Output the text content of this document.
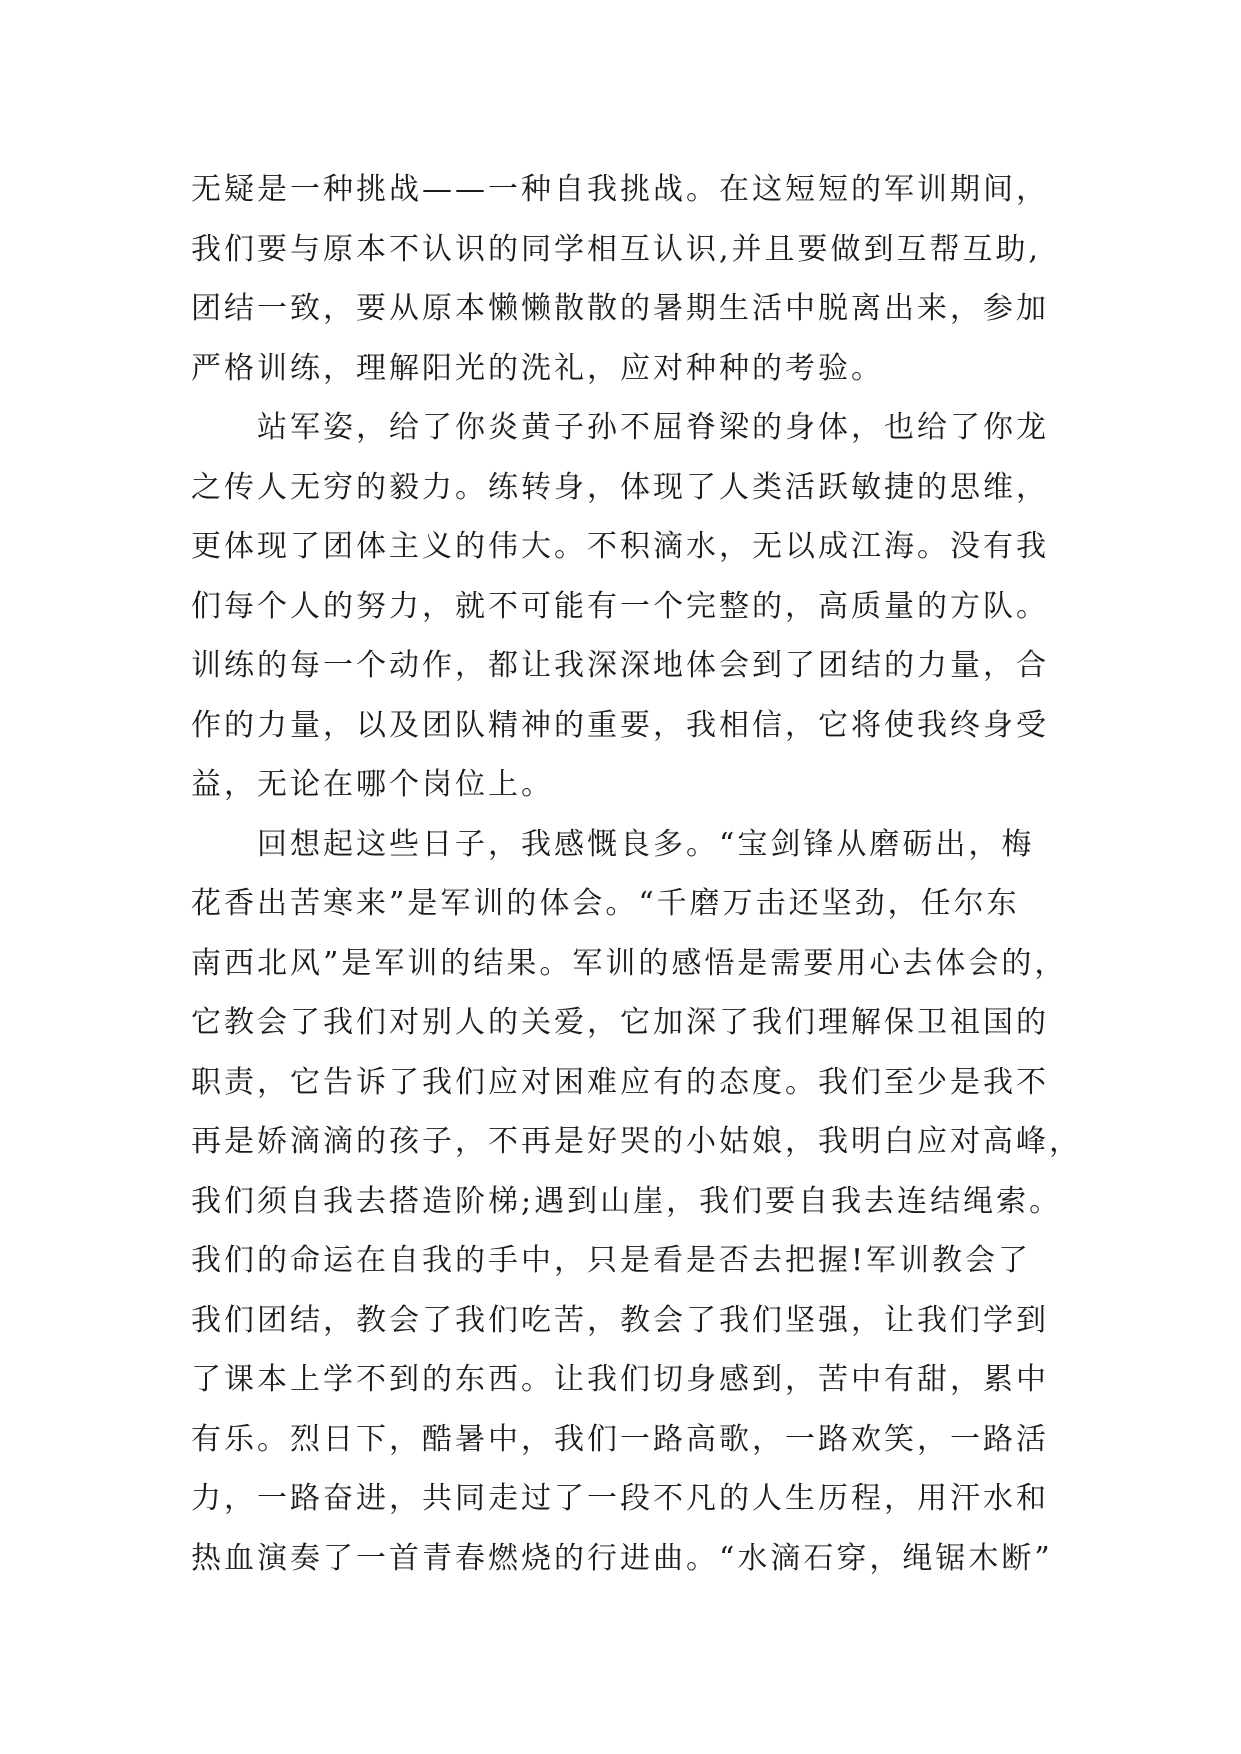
无疑是一种挑战——一种自我挑战。在这短短的军训期间，
我们要与原本不认识的同学相互认识,并且要做到互帮互助,
团结一致，要从原本懒懒散散的暑期生活中脱离出来，参加
严格训练，理解阳光的洗礼，应对种种的考验。
　　站军姿，给了你炎黄子孙不屈脊梁的身体，也给了你龙
之传人无穷的毅力。练转身，体现了人类活跃敏捷的思维，
更体现了团体主义的伟大。不积滴水，无以成江海。没有我
们每个人的努力，就不可能有一个完整的，高质量的方队。
训练的每一个动作，都让我深深地体会到了团结的力量，合
作的力量，以及团队精神的重要，我相信，它将使我终身受
益，无论在哪个岗位上。
　　回想起这些日子，我感慨良多。“宝剑锋从磨砺出，梅
花香出苦寒来”是军训的体会。“千磨万击还坚劲，任尔东
南西北风”是军训的结果。军训的感悟是需要用心去体会的，
它教会了我们对别人的关爱，它加深了我们理解保卫祖国的
职责，它告诉了我们应对困难应有的态度。我们至少是我不
再是娇滴滴的孩子，不再是好哭的小姑娘，我明白应对高峰，
我们须自我去搭造阶梯;遇到山崖，我们要自我去连结绳索。
我们的命运在自我的手中，只是看是否去把握!军训教会了
我们团结，教会了我们吃苦，教会了我们坚强，让我们学到
了课本上学不到的东西。让我们切身感到，苦中有甜，累中
有乐。烈日下，酷暑中，我们一路高歌，一路欢笑，一路活
力，一路奋进，共同走过了一段不凡的人生历程，用汗水和
热血演奏了一首青春燃烧的行进曲。“水滴石穿，绳锯木断”
